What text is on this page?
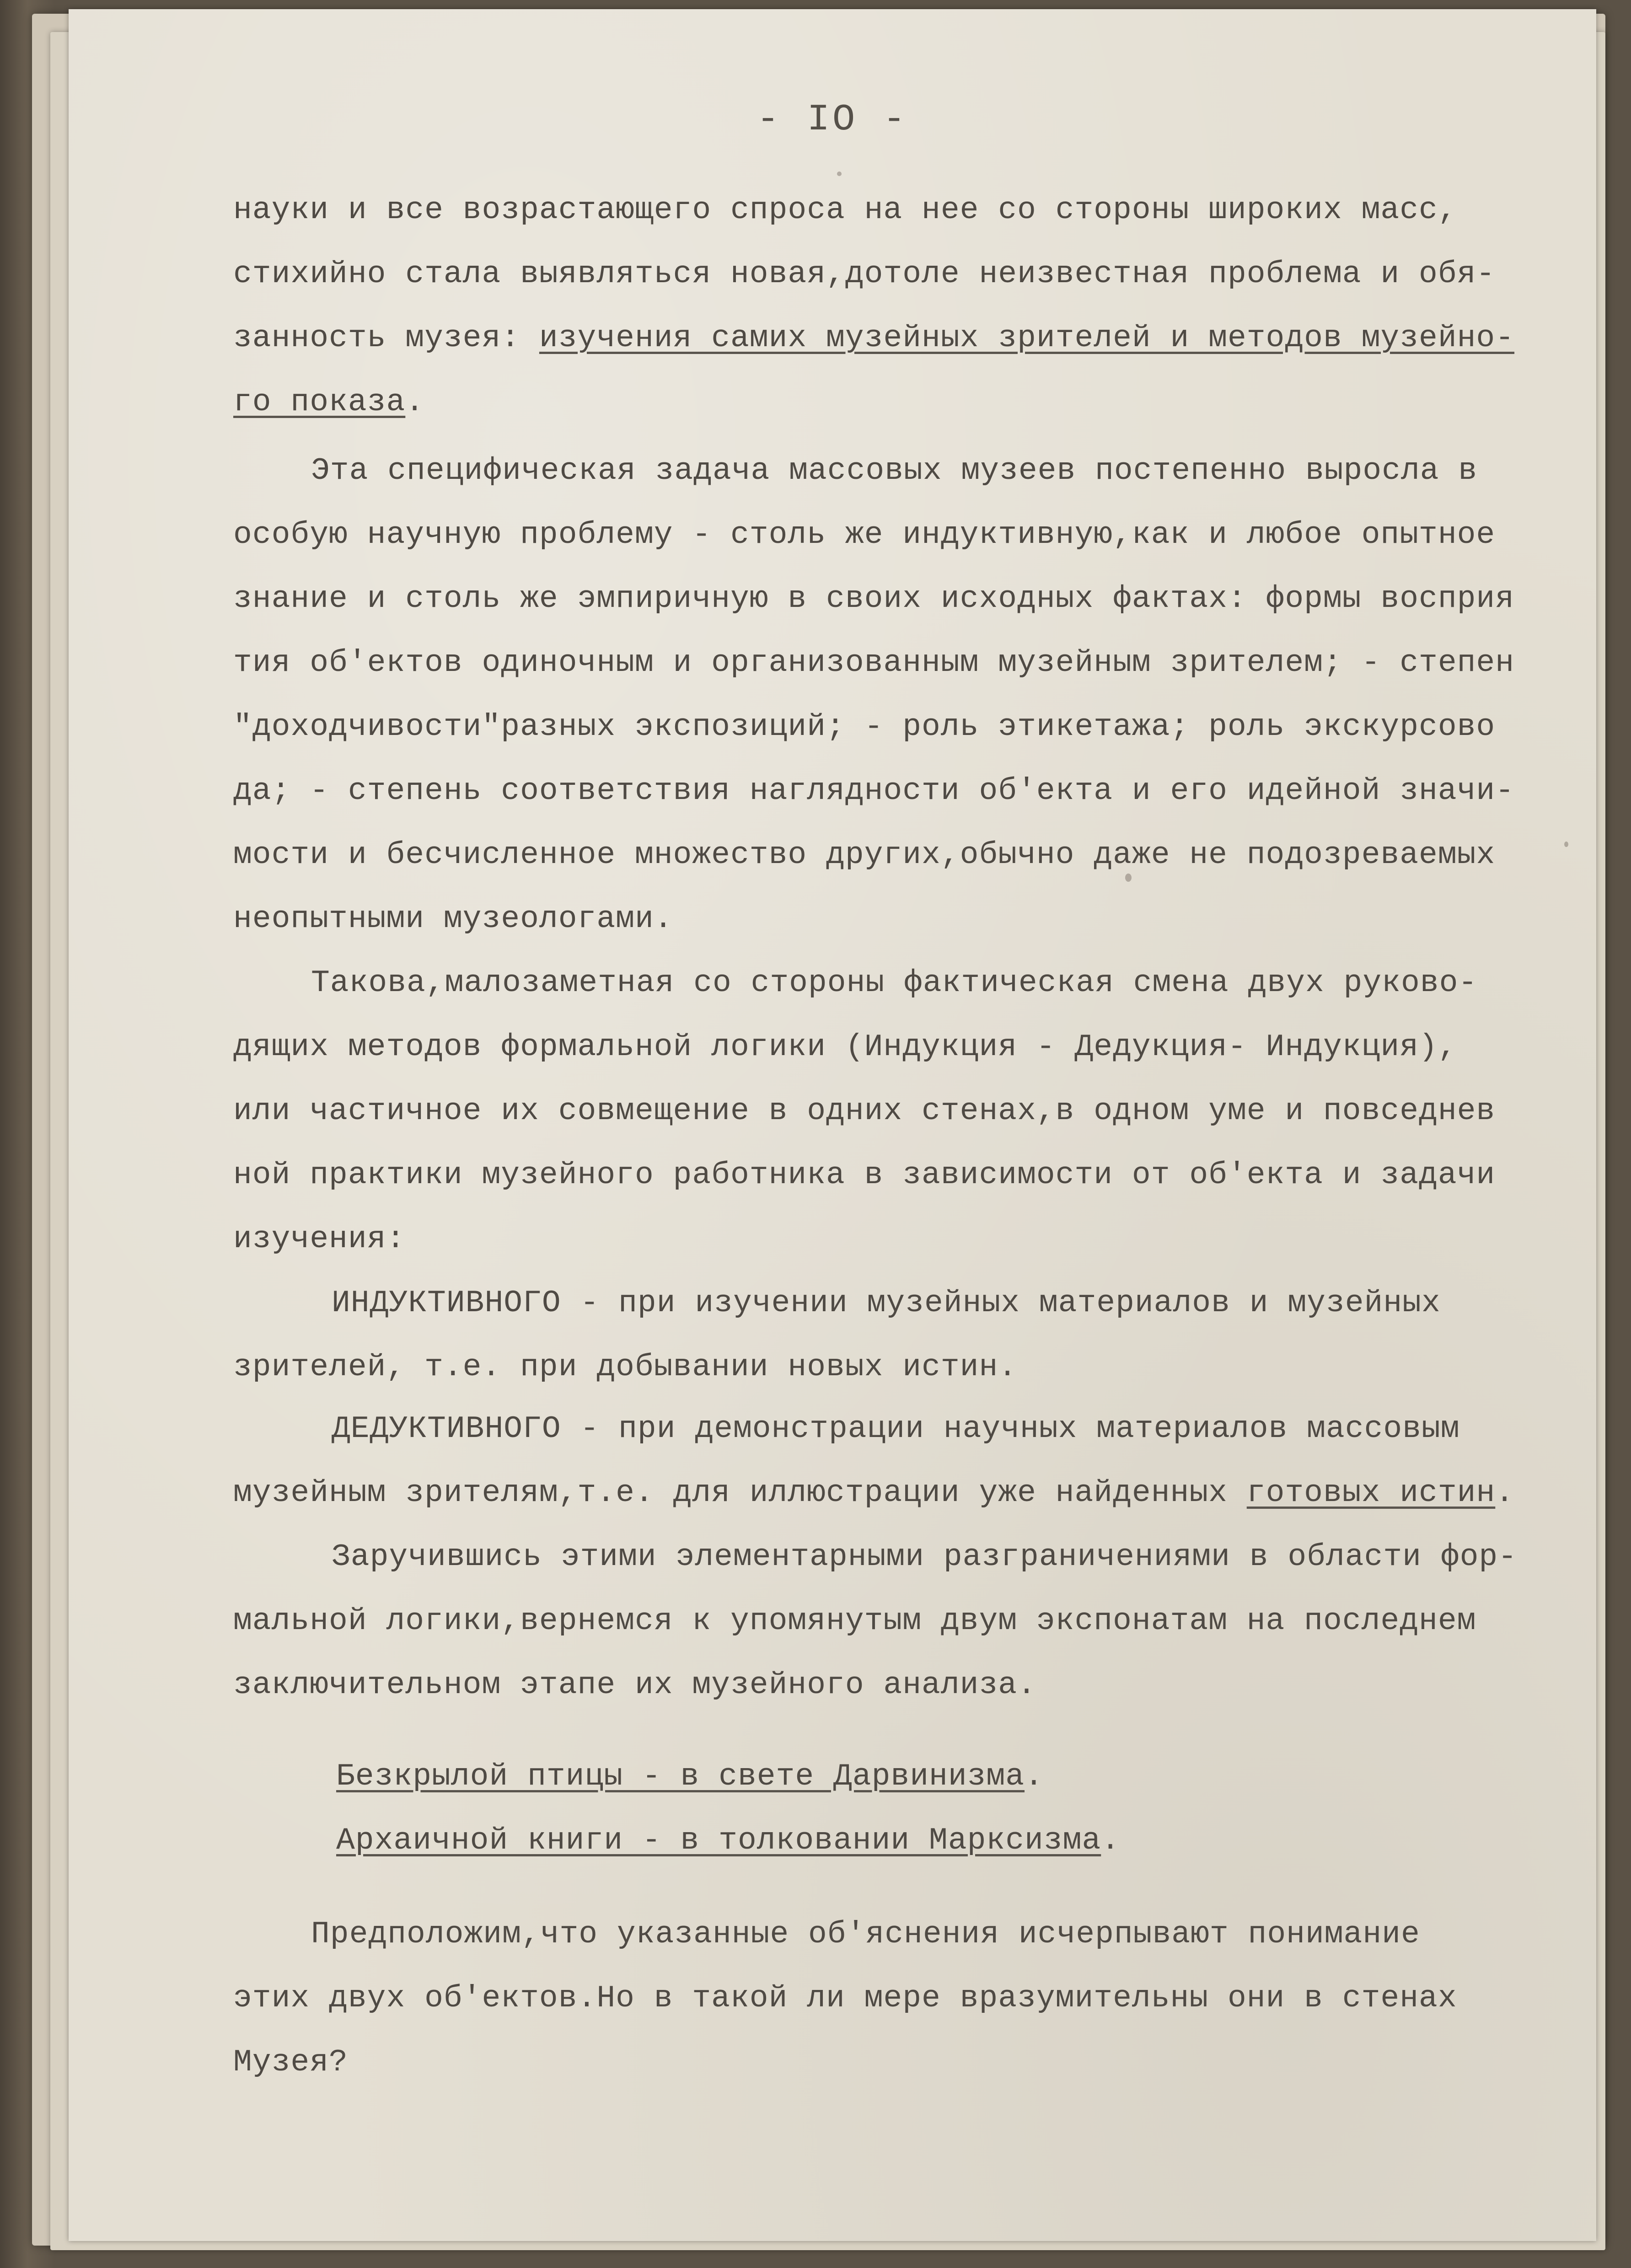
- IO -

науки и все возрастающего спроса на нее со стороны широких масс,

стихийно стала выявляться новая,дотоле неизвестная проблема и обя-

занность музея: изучения самих музейных зрителей и методов музейно-

го показа.

Эта специфическая задача массовых музеев постепенно выросла в

особую научную проблему - столь же индуктивную,как и любое опытное

знание и столь же эмпиричную в своих исходных фактах: формы восприя

тия об'ектов одиночным и организованным музейным зрителем; - степен

"доходчивости"разных экспозиций; - роль этикетажа; роль экскурсово

да; - степень соответствия наглядности об'екта и его идейной значи-

мости и бесчисленное множество других,обычно даже не подозреваемых

неопытными музеологами.

Такова,малозаметная со стороны фактическая смена двух руково-

дящих методов формальной логики (Индукция - Дедукция- Индукция),

или частичное их совмещение в одних стенах,в одном уме и повседнев

ной практики музейного работника в зависимости от об'екта и задачи

изучения:

ИНДУКТИВНОГО - при изучении музейных материалов и музейных

зрителей, т.е. при добывании новых истин.

ДЕДУКТИВНОГО - при демонстрации научных материалов массовым

музейным зрителям,т.е. для иллюстрации уже найденных готовых истин.

Заручившись этими элементарными разграничениями в области фор-

мальной логики,вернемся к упомянутым двум экспонатам на последнем

заключительном этапе их музейного анализа.

Безкрылой птицы - в свете Дарвинизма.

Архаичной книги - в толковании Марксизма.

Предположим,что указанные об'яснения исчерпывают понимание

этих двух об'ектов.Но в такой ли мере вразумительны они в стенах

Музея?
